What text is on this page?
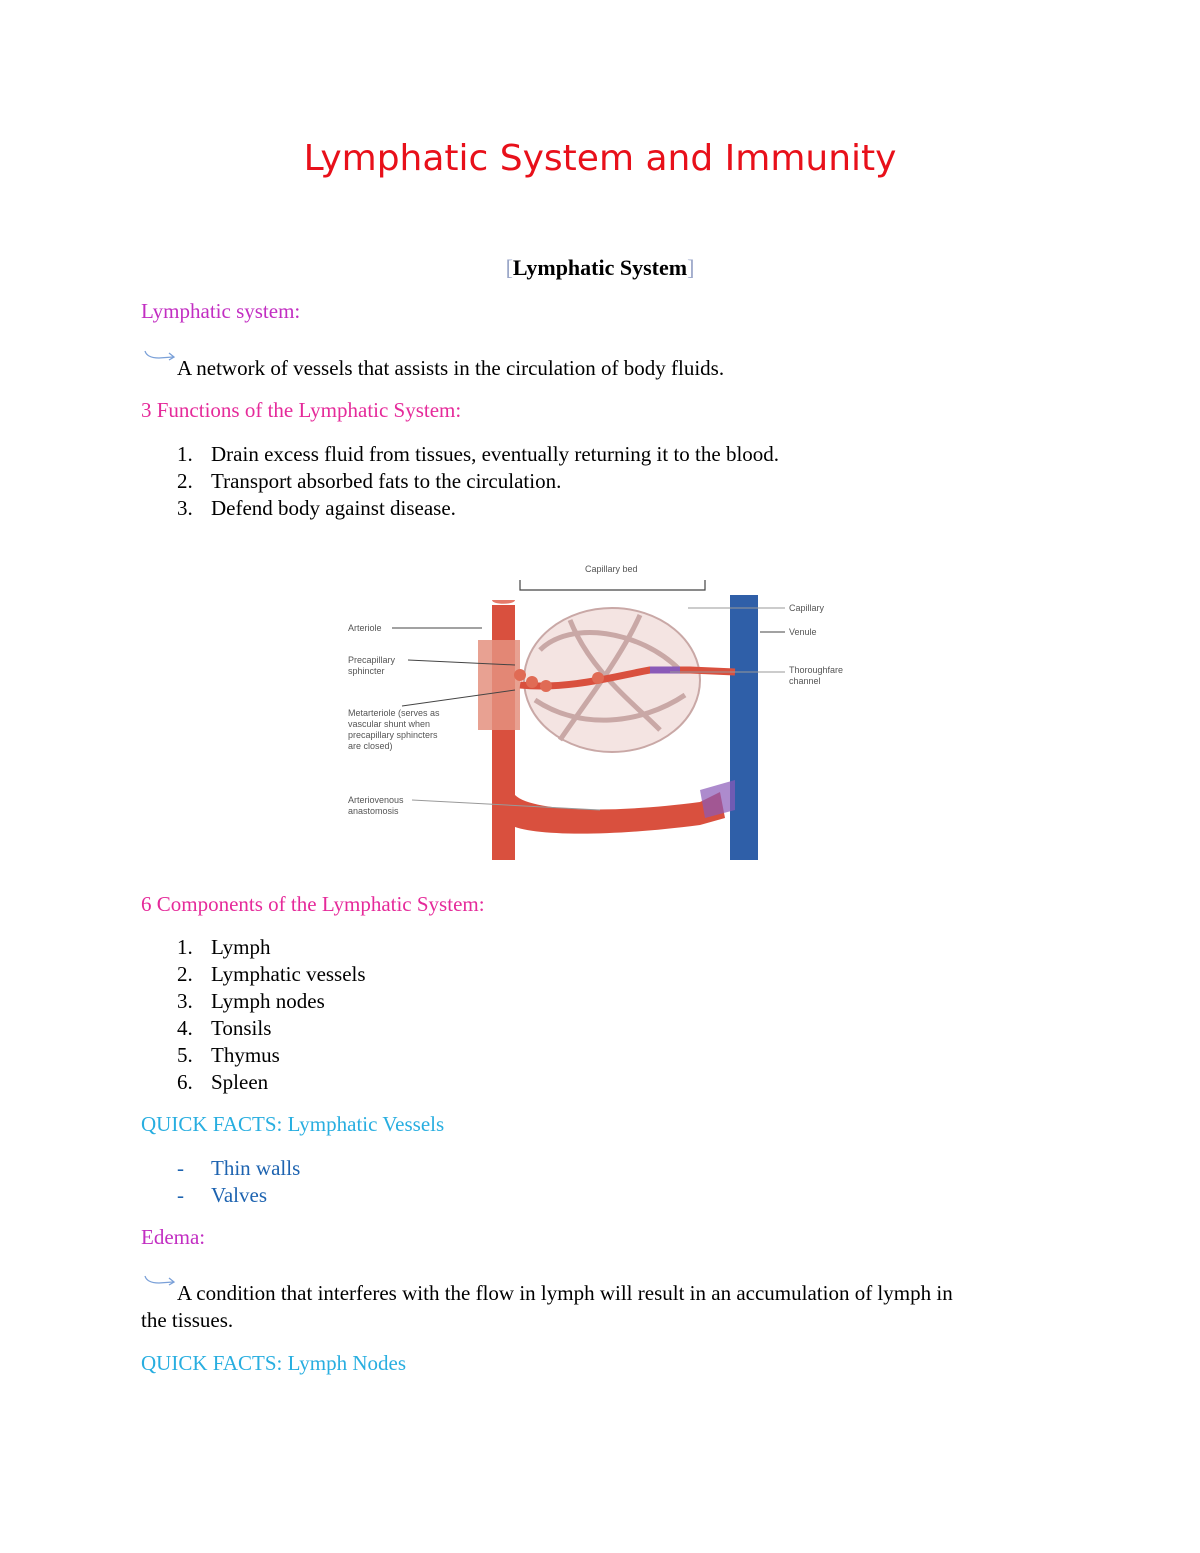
Lymphatic System and Immunity
[Lymphatic System]
Lymphatic system:
A network of vessels that assists in the circulation of body fluids.
3 Functions of the Lymphatic System:
1. Drain excess fluid from tissues, eventually returning it to the blood.
2. Transport absorbed fats to the circulation.
3. Defend body against disease.
Capillary bed
Arteriole
Precapillary
sphincter
Metarteriole (serves as
vascular shunt when
precapillary sphincters
are closed)
Arteriovenous
anastomosis
Capillary
Venule
Thoroughfare
channel
6 Components of the Lymphatic System:
1. Lymph
2. Lymphatic vessels
3. Lymph nodes
4. Tonsils
5. Thymus
6. Spleen
QUICK FACTS: Lymphatic Vessels
-	Thin walls
-	Valves
Edema:
A condition that interferes with the flow in lymph will result in an accumulation of lymph in
the tissues.
QUICK FACTS: Lymph Nodes
